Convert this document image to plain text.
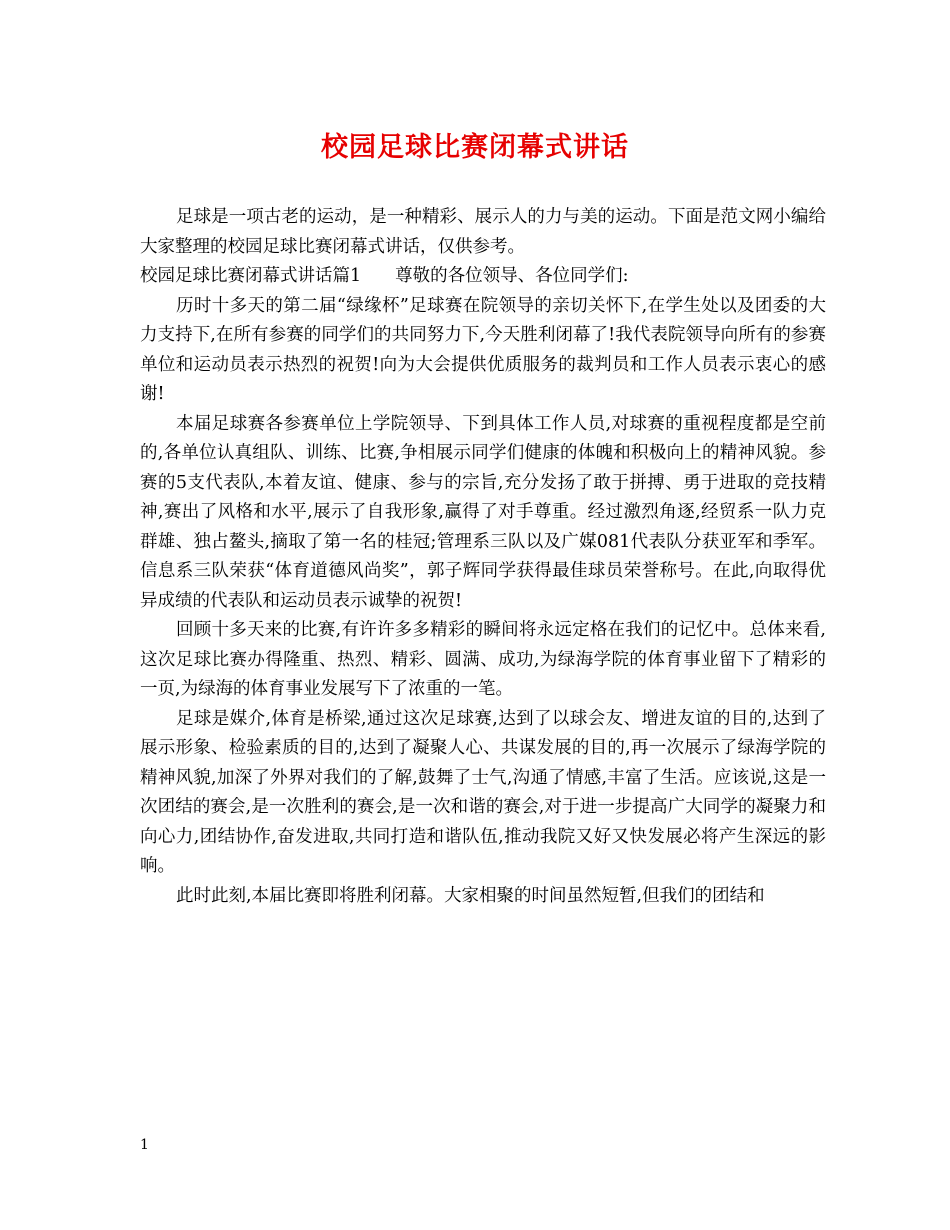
校园足球比赛闭幕式讲话

足球是一项古老的运动，是一种精彩、展示人的力与美的运动。下面是范文网小编给大家整理的校园足球比赛闭幕式讲话，仅供参考。

校园足球比赛闭幕式讲话篇1 尊敬的各位领导、各位同学们:

历时十多天的第二届“绿缘杯”足球赛在院领导的亲切关怀下,在学生处以及团委的大力支持下,在所有参赛的同学们的共同努力下,今天胜利闭幕了!我代表院领导向所有的参赛单位和运动员表示热烈的祝贺!向为大会提供优质服务的裁判员和工作人员表示衷心的感谢!

本届足球赛各参赛单位上学院领导、下到具体工作人员,对球赛的重视程度都是空前的,各单位认真组队、训练、比赛,争相展示同学们健康的体魄和积极向上的精神风貌。参赛的5支代表队,本着友谊、健康、参与的宗旨,充分发扬了敢于拼搏、勇于进取的竞技精神,赛出了风格和水平,展示了自我形象,赢得了对手尊重。经过激烈角逐,经贸系一队力克群雄、独占鳌头,摘取了第一名的桂冠;管理系三队以及广媒081代表队分获亚军和季军。信息系三队荣获“体育道德风尚奖”，郭子辉同学获得最佳球员荣誉称号。在此,向取得优异成绩的代表队和运动员表示诚挚的祝贺!

回顾十多天来的比赛,有许许多多精彩的瞬间将永远定格在我们的记忆中。总体来看,这次足球比赛办得隆重、热烈、精彩、圆满、成功,为绿海学院的体育事业留下了精彩的一页,为绿海的体育事业发展写下了浓重的一笔。

足球是媒介,体育是桥梁,通过这次足球赛,达到了以球会友、增进友谊的目的,达到了展示形象、检验素质的目的,达到了凝聚人心、共谋发展的目的,再一次展示了绿海学院的精神风貌,加深了外界对我们的了解,鼓舞了士气,沟通了情感,丰富了生活。应该说,这是一次团结的赛会,是一次胜利的赛会,是一次和谐的赛会,对于进一步提高广大同学的凝聚力和向心力,团结协作,奋发进取,共同打造和谐队伍,推动我院又好又快发展必将产生深远的影响。

此时此刻,本届比赛即将胜利闭幕。大家相聚的时间虽然短暂,但我们的团结和

1
